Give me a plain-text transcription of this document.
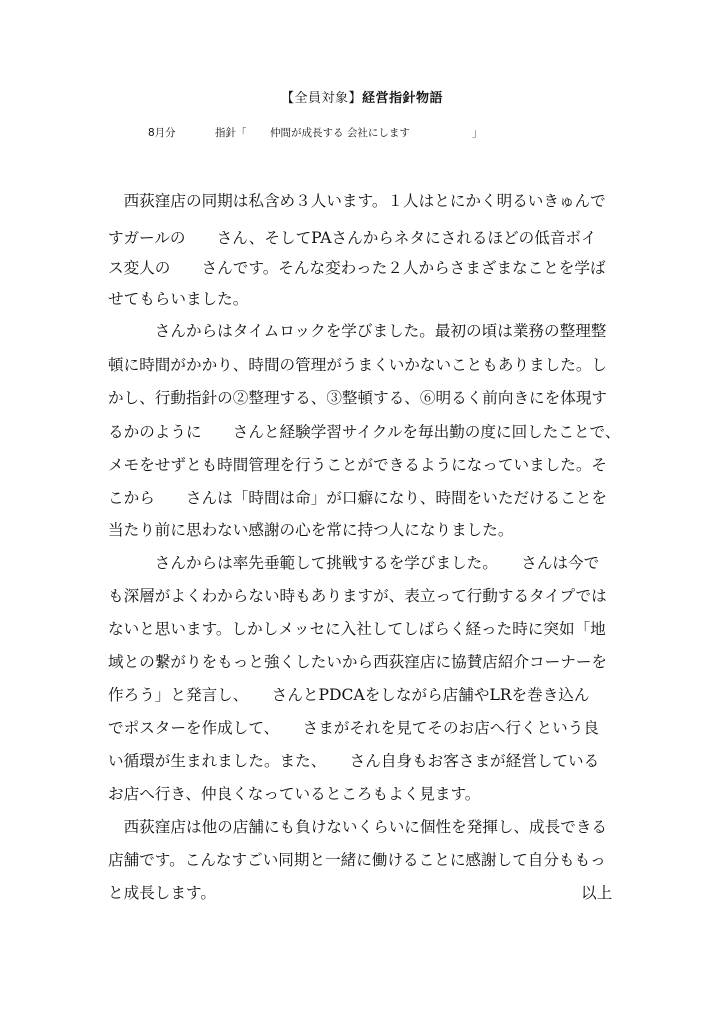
【全員対象】経営指針物語
8月分	指針「 仲間が成長する 会社にします	」
　西荻窪店の同期は私含め３人います。１人はとにかく明るいきゅんで
すガールの　　さん、そしてPAさんからネタにされるほどの低音ボイ
ス変人の　　さんです。そんな変わった２人からさまざまなことを学ば
せてもらいました。
　　　さんからはタイムロックを学びました。最初の頃は業務の整理整
頓に時間がかかり、時間の管理がうまくいかないこともありました。し
かし、行動指針の②整理する、③整頓する、⑥明るく前向きにを体現す
るかのように　　さんと経験学習サイクルを毎出勤の度に回したことで、
メモをせずとも時間管理を行うことができるようになっていました。そ
こから　　さんは「時間は命」が口癖になり、時間をいただけることを
当たり前に思わない感謝の心を常に持つ人になりました。
　　　さんからは率先垂範して挑戦するを学びました。　　さんは今で
も深層がよくわからない時もありますが、表立って行動するタイプでは
ないと思います。しかしメッセに入社してしばらく経った時に突如「地
域との繋がりをもっと強くしたいから西荻窪店に協賛店紹介コーナーを
作ろう」と発言し、　　さんとPDCAをしながら店舗やLRを巻き込ん
でポスターを作成して、　　さまがそれを見てそのお店へ行くという良
い循環が生まれました。また、　　さん自身もお客さまが経営している
お店へ行き、仲良くなっているところもよく見ます。
　西荻窪店は他の店舗にも負けないくらいに個性を発揮し、成長できる
店舗です。こんなすごい同期と一緒に働けることに感謝して自分ももっ
と成長します。　　　　　　　　　　　　　　　　　　　　　　　 以上
